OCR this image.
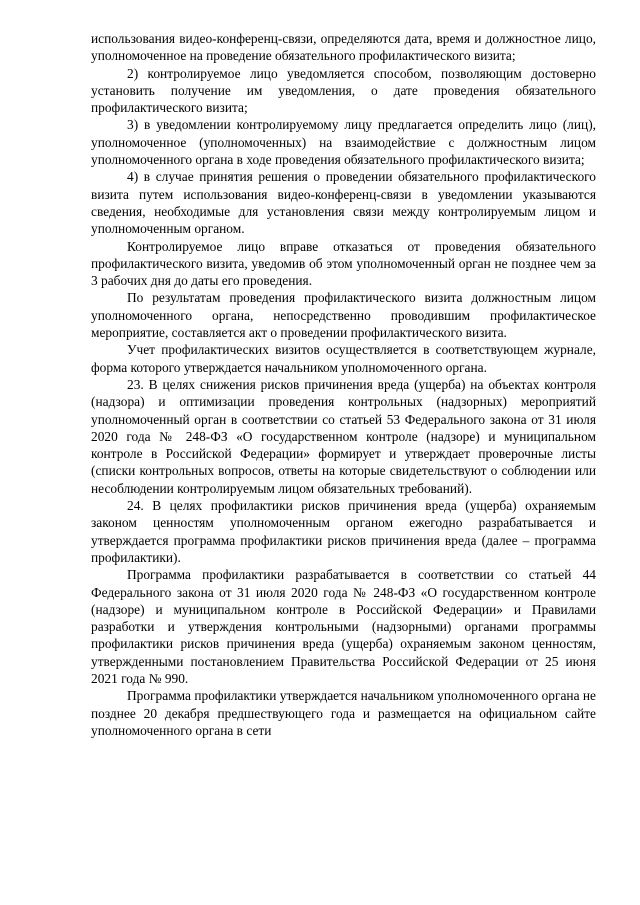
использования видео-конференц-связи, определяются дата, время и должностное лицо, уполномоченное на проведение обязательного профилактического визита;

2) контролируемое лицо уведомляется способом, позволяющим достоверно установить получение им уведомления, о дате проведения обязательного профилактического визита;

3) в уведомлении контролируемому лицу предлагается определить лицо (лиц), уполномоченное (уполномоченных) на взаимодействие с должностным лицом уполномоченного органа в ходе проведения обязательного профилактического визита;

4) в случае принятия решения о проведении обязательного профилактического визита путем использования видео-конференц-связи в уведомлении указываются сведения, необходимые для установления связи между контролируемым лицом и уполномоченным органом.

Контролируемое лицо вправе отказаться от проведения обязательного профилактического визита, уведомив об этом уполномоченный орган не позднее чем за 3 рабочих дня до даты его проведения.

По результатам проведения профилактического визита должностным лицом уполномоченного органа, непосредственно проводившим профилактическое мероприятие, составляется акт о проведении профилактического визита.

Учет профилактических визитов осуществляется в соответствующем журнале, форма которого утверждается начальником уполномоченного органа.

23. В целях снижения рисков причинения вреда (ущерба) на объектах контроля (надзора) и оптимизации проведения контрольных (надзорных) мероприятий уполномоченный орган в соответствии со статьей 53 Федерального закона от 31 июля 2020 года № 248-ФЗ «О государственном контроле (надзоре) и муниципальном контроле в Российской Федерации» формирует и утверждает проверочные листы (списки контрольных вопросов, ответы на которые свидетельствуют о соблюдении или несоблюдении контролируемым лицом обязательных требований).

24. В целях профилактики рисков причинения вреда (ущерба) охраняемым законом ценностям уполномоченным органом ежегодно разрабатывается и утверждается программа профилактики рисков причинения вреда (далее – программа профилактики).

Программа профилактики разрабатывается в соответствии со статьей 44 Федерального закона от 31 июля 2020 года № 248-ФЗ «О государственном контроле (надзоре) и муниципальном контроле в Российской Федерации» и Правилами разработки и утверждения контрольными (надзорными) органами программы профилактики рисков причинения вреда (ущерба) охраняемым законом ценностям, утвержденными постановлением Правительства Российской Федерации от 25 июня 2021 года № 990.

Программа профилактики утверждается начальником уполномоченного органа не позднее 20 декабря предшествующего года и размещается на официальном сайте уполномоченного органа в сети
